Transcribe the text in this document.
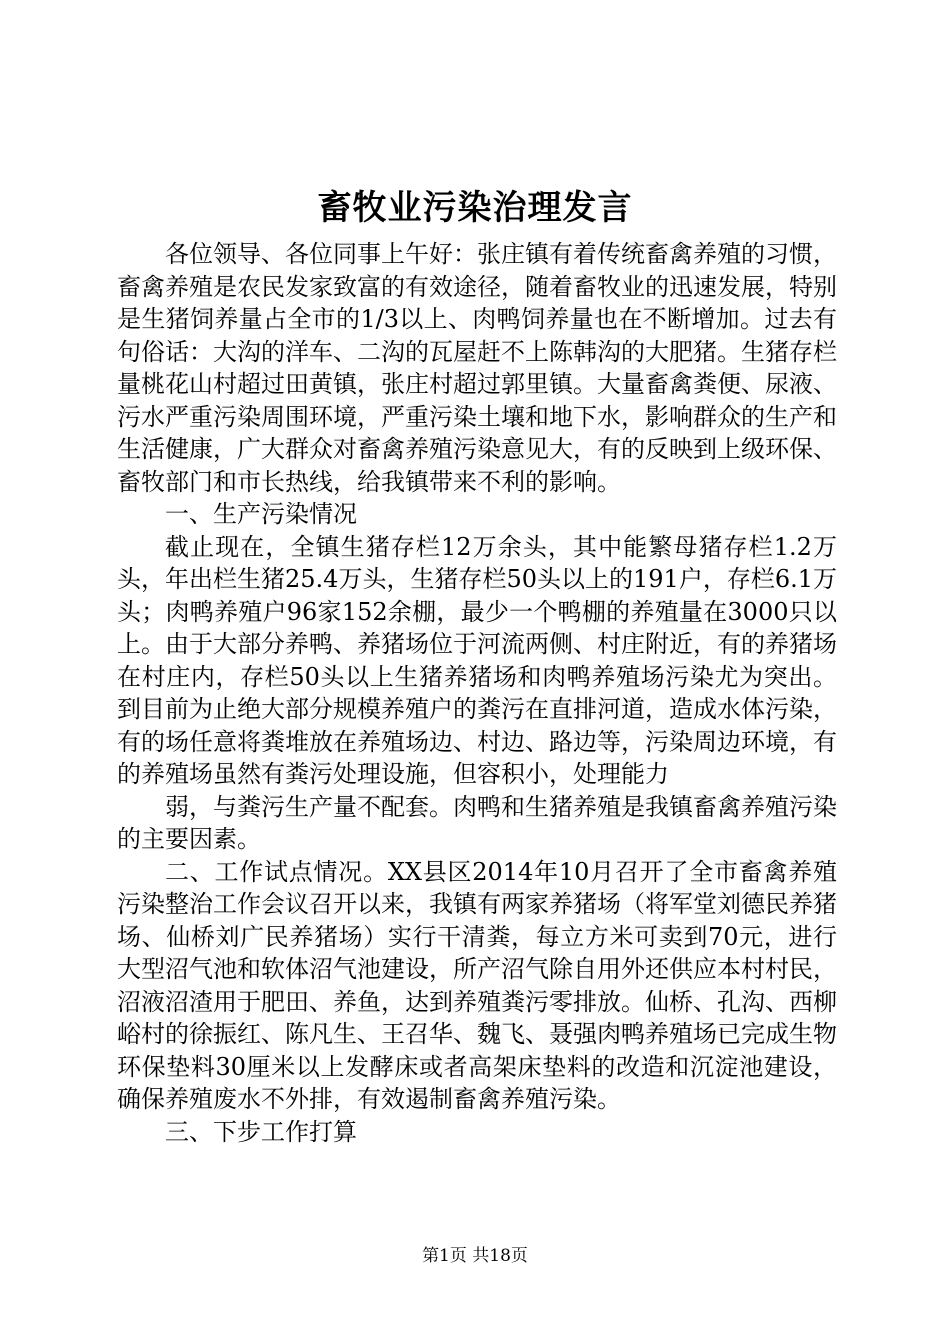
畜牧业污染治理发言

各位领导、各位同事上午好：张庄镇有着传统畜禽养殖的习惯，畜禽养殖是农民发家致富的有效途径，随着畜牧业的迅速发展，特别是生猪饲养量占全市的1/3以上、肉鸭饲养量也在不断增加。过去有句俗话：大沟的洋车、二沟的瓦屋赶不上陈韩沟的大肥猪。生猪存栏量桃花山村超过田黄镇，张庄村超过郭里镇。大量畜禽粪便、尿液、污水严重污染周围环境，严重污染土壤和地下水，影响群众的生产和生活健康，广大群众对畜禽养殖污染意见大，有的反映到上级环保、畜牧部门和市长热线，给我镇带来不利的影响。

一、生产污染情况

截止现在，全镇生猪存栏12万余头，其中能繁母猪存栏1.2万头，年出栏生猪25.4万头，生猪存栏50头以上的191户，存栏6.1万头；肉鸭养殖户96家152余棚，最少一个鸭棚的养殖量在3000只以上。由于大部分养鸭、养猪场位于河流两侧、村庄附近，有的养猪场在村庄内，存栏50头以上生猪养猪场和肉鸭养殖场污染尤为突出。到目前为止绝大部分规模养殖户的粪污在直排河道，造成水体污染，有的场任意将粪堆放在养殖场边、村边、路边等，污染周边环境，有的养殖场虽然有粪污处理设施，但容积小，处理能力

弱，与粪污生产量不配套。肉鸭和生猪养殖是我镇畜禽养殖污染的主要因素。

二、工作试点情况。XX县区2014年10月召开了全市畜禽养殖污染整治工作会议召开以来，我镇有两家养猪场（将军堂刘德民养猪场、仙桥刘广民养猪场）实行干清粪，每立方米可卖到70元，进行大型沼气池和软体沼气池建设，所产沼气除自用外还供应本村村民，沼液沼渣用于肥田、养鱼，达到养殖粪污零排放。仙桥、孔沟、西柳峪村的徐振红、陈凡生、王召华、魏飞、聂强肉鸭养殖场已完成生物环保垫料30厘米以上发酵床或者高架床垫料的改造和沉淀池建设，确保养殖废水不外排，有效遏制畜禽养殖污染。

三、下步工作打算

第1页 共18页
